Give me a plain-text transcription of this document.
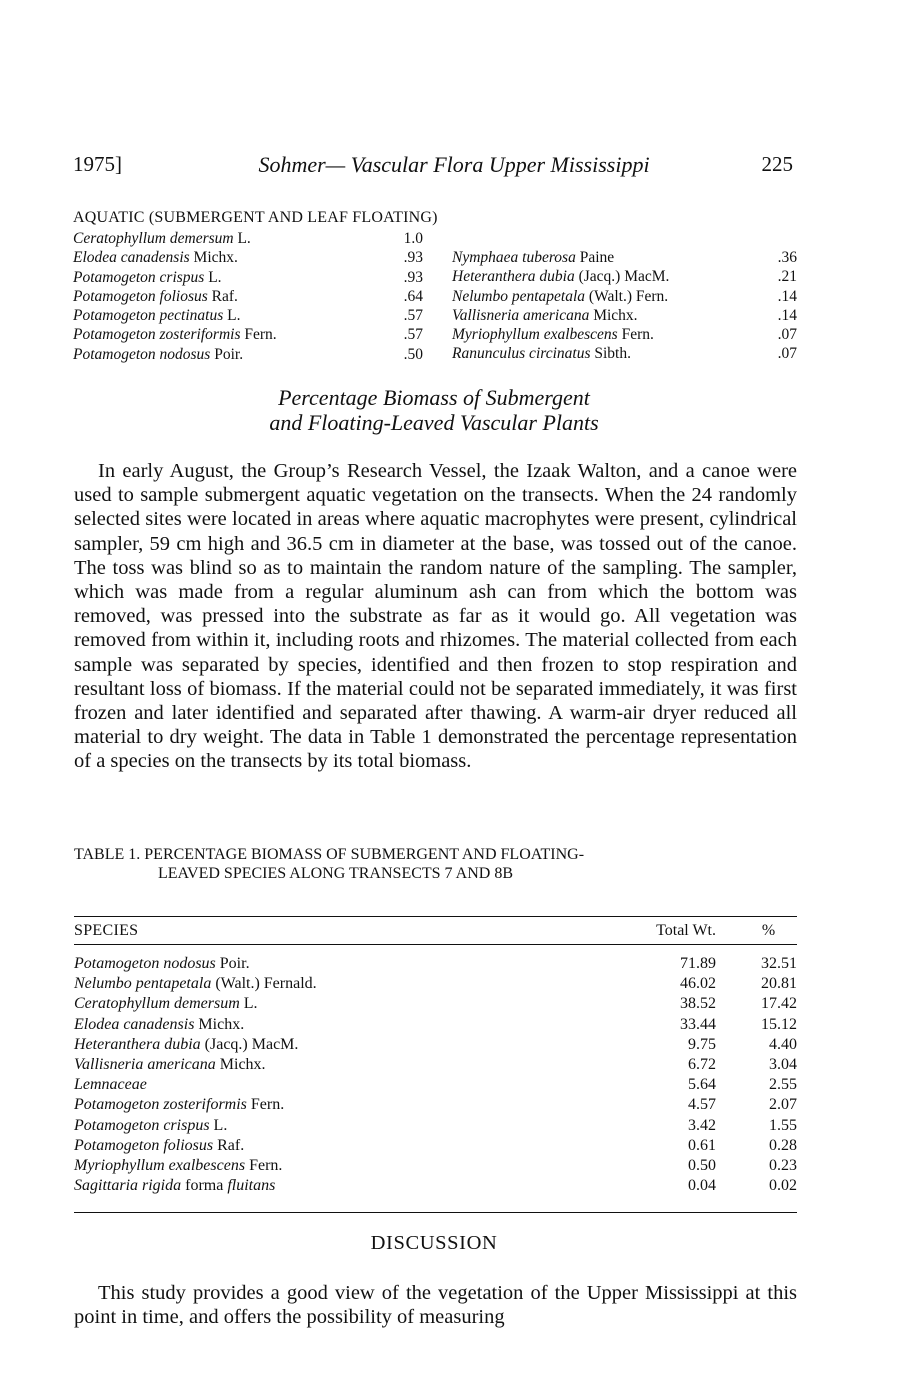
1975]	Sohmer— Vascular Flora Upper Mississippi	225
AQUATIC (SUBMERGENT AND LEAF FLOATING)
Ceratophyllum demersum L.	1.0
Elodea canadensis Michx.	.93
Potamogeton crispus L.	.93
Potamogeton foliosus Raf.	.64
Potamogeton pectinatus L.	.57
Potamogeton zosteriformis Fern.	.57
Potamogeton nodosus Poir.	.50
Nymphaea tuberosa Paine	.36
Heteranthera dubia (Jacq.) MacM.	.21
Nelumbo pentapetala (Walt.) Fern.	.14
Vallisneria americana Michx.	.14
Myriophyllum exalbescens Fern.	.07
Ranunculus circinatus Sibth.	.07
Percentage Biomass of Submergent
and Floating-Leaved Vascular Plants

In early August, the Group’s Research Vessel, the Izaak Walton, and a canoe were used to sample submergent aquatic vegetation on the transects. When the 24 randomly selected sites were located in areas where aquatic macrophytes were present, cylindrical sampler, 59 cm high and 36.5 cm in diameter at the base, was tossed out of the canoe. The toss was blind so as to maintain the random nature of the sampling. The sampler, which was made from a regular aluminum ash can from which the bottom was removed, was pressed into the substrate as far as it would go. All vegetation was removed from within it, including roots and rhizomes. The material collected from each sample was separated by species, identified and then frozen to stop respiration and resultant loss of biomass. If the material could not be separated immediately, it was first frozen and later identified and separated after thawing. A warm-air dryer reduced all material to dry weight. The data in Table 1 demonstrated the percentage representation of a species on the transects by its total biomass.

TABLE 1. PERCENTAGE BIOMASS OF SUBMERGENT AND FLOATING-
LEAVED SPECIES ALONG TRANSECTS 7 AND 8B
SPECIES	Total Wt.	%
Potamogeton nodosus Poir.	71.89	32.51
Nelumbo pentapetala (Walt.) Fernald.	46.02	20.81
Ceratophyllum demersum L.	38.52	17.42
Elodea canadensis Michx.	33.44	15.12
Heteranthera dubia (Jacq.) MacM.	9.75	4.40
Vallisneria americana Michx.	6.72	3.04
Lemnaceae	5.64	2.55
Potamogeton zosteriformis Fern.	4.57	2.07
Potamogeton crispus L.	3.42	1.55
Potamogeton foliosus Raf.	0.61	0.28
Myriophyllum exalbescens Fern.	0.50	0.23
Sagittaria rigida forma fluitans	0.04	0.02
DISCUSSION

This study provides a good view of the vegetation of the Upper Mississippi at this point in time, and offers the possibility of measuring
